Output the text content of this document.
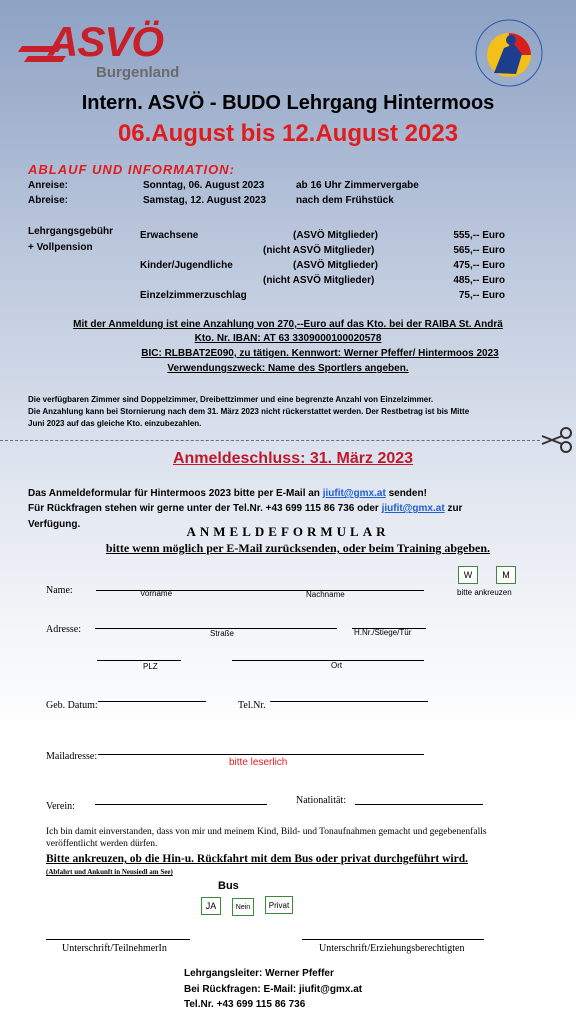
ASVÖ
Burgenland
Intern. ASVÖ - BUDO Lehrgang Hintermoos
06.August bis 12.August 2023
ABLAUF UND INFORMATION:
Anreise:	Sonntag, 06. August 2023	ab 16 Uhr Zimmervergabe
Abreise:	Samstag, 12. August 2023	nach dem Frühstück
Lehrgangsgebühr
+ Vollpension
Erwachsene	(ASVÖ Mitglieder)	555,-- Euro
(nicht ASVÖ Mitglieder)	565,-- Euro
Kinder/Jugendliche	(ASVÖ Mitglieder)	475,-- Euro
(nicht ASVÖ Mitglieder)	485,-- Euro
Einzelzimmerzuschlag	75,-- Euro
Mit der Anmeldung ist eine Anzahlung von 270,--Euro auf das Kto. bei der RAIBA St. Andrä
Kto. Nr. IBAN: AT 63 3309000100020578
BIC: RLBBAT2E090, zu tätigen. Kennwort: Werner Pfeffer/ Hintermoos 2023
Verwendungszweck: Name des Sportlers angeben.
Die verfügbaren Zimmer sind Doppelzimmer, Dreibettzimmer und eine begrenzte Anzahl von Einzelzimmer.
Die Anzahlung kann bei Stornierung nach dem 31. März 2023 nicht rückerstattet werden. Der Restbetrag ist bis Mitte
Juni 2023 auf das gleiche Kto. einzubezahlen.
Anmeldeschluss: 31. März 2023
Das Anmeldeformular für Hintermoos 2023 bitte per E-Mail an jiufit@gmx.at senden!
Für Rückfragen stehen wir gerne unter der Tel.Nr. +43 699 115 86 736 oder jiufit@gmx.at zur
Verfügung.	ANMELDEFORMULAR
bitte wenn möglich per E-Mail zurücksenden, oder beim Training abgeben.
W	M
bitte ankreuzen
Name:	Vorname	Nachname
Adresse:	Straße	H.Nr./Stiege/Tür
PLZ	Ort
Geb. Datum:	Tel.Nr.
Mailadresse:
bitte leserlich
Verein:
Nationalität:
Ich bin damit einverstanden, dass von mir und meinem Kind, Bild- und Tonaufnahmen gemacht und gegebenenfalls
veröffentlicht werden dürfen.
Bitte ankreuzen, ob die Hin-u. Rückfahrt mit dem Bus oder privat durchgeführt wird.
(Abfahrt und Ankunft in Neusiedl am See)
Bus
JA	Nein	Privat
Unterschrift/TeilnehmerIn	Unterschrift/Erziehungsberechtigten
Lehrgangsleiter: Werner Pfeffer
Bei Rückfragen: E-Mail: jiufit@gmx.at
Tel.Nr. +43 699 115 86 736
